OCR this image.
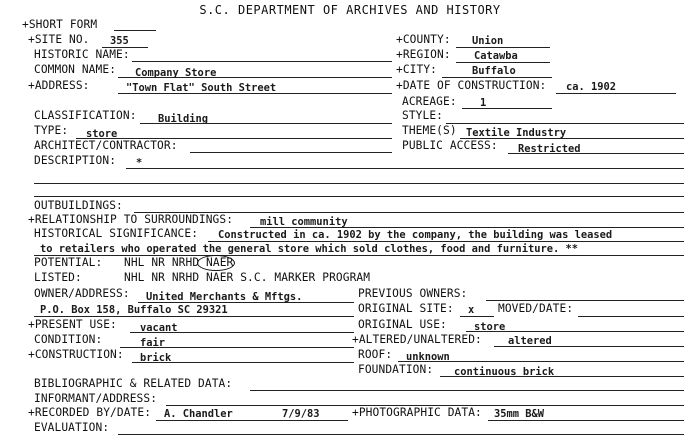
S.C. DEPARTMENT OF ARCHIVES AND HISTORY
+SHORT FORM
+SITE NO. 355	+COUNTY: Union
HISTORIC NAME:	+REGION: Catawba
COMMON NAME: Company Store	+CITY:	Buffalo
+ADDRESS:	"Town Flat" South Street	+DATE OF CONSTRUCTION: ca. 1902
ACREAGE: 1
CLASSIFICATION: Building	STYLE:
TYPE: store	THEME(S) Textile Industry
ARCHITECT/CONTRACTOR:	PUBLIC ACCESS: Restricted
DESCRIPTION: *
OUTBUILDINGS:
+RELATIONSHIP TO SURROUNDINGS:	mill community
HISTORICAL SIGNIFICANCE: Constructed in ca. 1902 by the company, the building was leased
to retailers who operated the general store which sold clothes, food and furniture. **
POTENTIAL: NHL NR NRHD NAER
LISTED:	NHL NR NRHD NAER S.C. MARKER PROGRAM
OWNER/ADDRESS: United Merchants & Mftgs.	PREVIOUS OWNERS:
P.O. Box 158, Buffalo SC 29321	ORIGINAL SITE: x MOVED/DATE:
+PRESENT USE: vacant	ORIGINAL USE:	store
CONDITION:	fair	+ALTERED/UNALTERED:	altered
+CONSTRUCTION: brick	ROOF: unknown
FOUNDATION: continuous brick
BIBLIOGRAPHIC & RELATED DATA:
INFORMANT/ADDRESS:
+RECORDED BY/DATE: A. Chandler	7/9/83	+PHOTOGRAPHIC DATA: 35mm B&W
EVALUATION:
